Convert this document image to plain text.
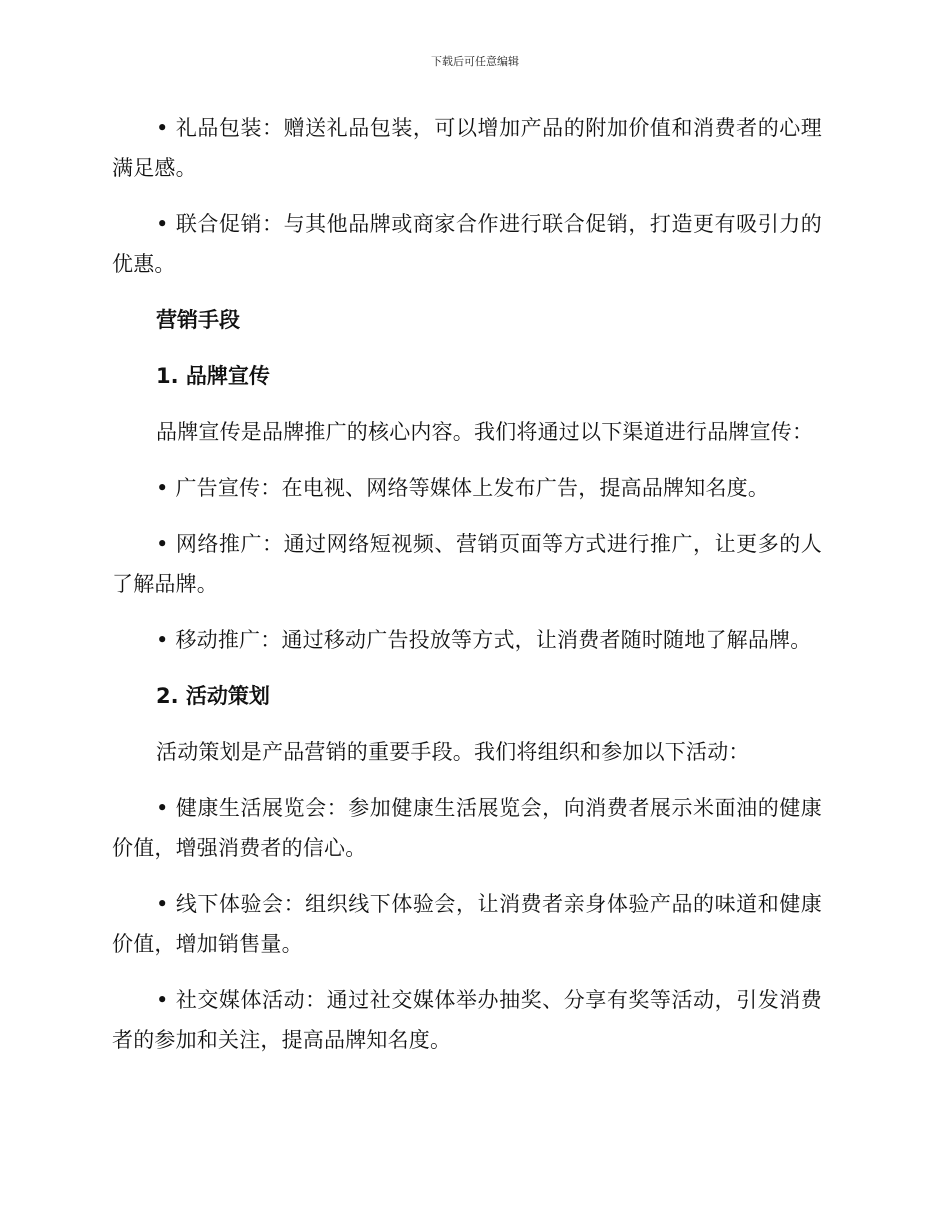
下载后可任意编辑

• 礼品包装：赠送礼品包装，可以增加产品的附加价值和消费者的心理满足感。

• 联合促销：与其他品牌或商家合作进行联合促销，打造更有吸引力的优惠。

营销手段

1. 品牌宣传

品牌宣传是品牌推广的核心内容。我们将通过以下渠道进行品牌宣传：

• 广告宣传：在电视、网络等媒体上发布广告，提高品牌知名度。

• 网络推广：通过网络短视频、营销页面等方式进行推广，让更多的人了解品牌。

• 移动推广：通过移动广告投放等方式，让消费者随时随地了解品牌。

2. 活动策划

活动策划是产品营销的重要手段。我们将组织和参加以下活动：

• 健康生活展览会：参加健康生活展览会，向消费者展示米面油的健康价值，增强消费者的信心。

• 线下体验会：组织线下体验会，让消费者亲身体验产品的味道和健康价值，增加销售量。

• 社交媒体活动：通过社交媒体举办抽奖、分享有奖等活动，引发消费者的参加和关注，提高品牌知名度。
